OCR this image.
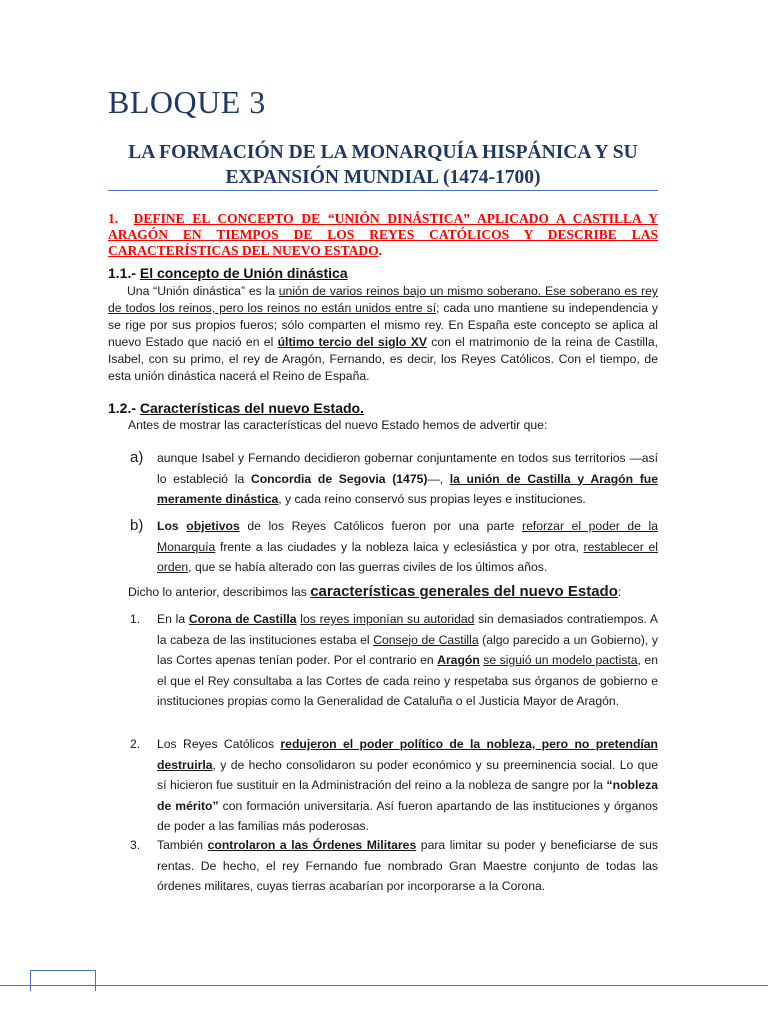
BLOQUE 3
LA FORMACIÓN DE LA MONARQUÍA HISPÁNICA Y SU
EXPANSIÓN MUNDIAL (1474-1700)
1. DEFINE EL CONCEPTO DE “UNIÓN DINÁSTICA” APLICADO A CASTILLA Y ARAGÓN EN TIEMPOS DE LOS REYES CATÓLICOS Y DESCRIBE LAS CARACTERÍSTICAS DEL NUEVO ESTADO.
1.1.- El concepto de Unión dinástica
Una “Unión dinástica” es la unión de varios reinos bajo un mismo soberano. Ese soberano es rey de todos los reinos, pero los reinos no están unidos entre sí; cada uno mantiene su independencia y se rige por sus propios fueros; sólo comparten el mismo rey. En España este concepto se aplica al nuevo Estado que nació en el último tercio del siglo XV con el matrimonio de la reina de Castilla, Isabel, con su primo, el rey de Aragón, Fernando, es decir, los Reyes Católicos. Con el tiempo, de esta unión dinástica nacerá el Reino de España.
1.2.- Características del nuevo Estado.
Antes de mostrar las características del nuevo Estado hemos de advertir que:
a) aunque Isabel y Fernando decidieron gobernar conjuntamente en todos sus territorios —así lo estableció la Concordia de Segovia (1475)—, la unión de Castilla y Aragón fue meramente dinástica, y cada reino conservó sus propias leyes e instituciones.
b) Los objetivos de los Reyes Católicos fueron por una parte reforzar el poder de la Monarquía frente a las ciudades y la nobleza laica y eclesiástica y por otra, restablecer el orden, que se había alterado con las guerras civiles de los últimos años.
Dicho lo anterior, describimos las características generales del nuevo Estado:
1. En la Corona de Castilla los reyes imponían su autoridad sin demasiados contratiempos. A la cabeza de las instituciones estaba el Consejo de Castilla (algo parecido a un Gobierno), y las Cortes apenas tenían poder. Por el contrario en Aragón se siguió un modelo pactista, en el que el Rey consultaba a las Cortes de cada reino y respetaba sus órganos de gobierno e instituciones propias como la Generalidad de Cataluña o el Justicia Mayor de Aragón.
2. Los Reyes Católicos redujeron el poder político de la nobleza, pero no pretendían destruirla, y de hecho consolidaron su poder económico y su preeminencia social. Lo que sí hicieron fue sustituir en la Administración del reino a la nobleza de sangre por la “nobleza de mérito” con formación universitaria. Así fueron apartando de las instituciones y órganos de poder a las familias más poderosas.
3. También controlaron a las Órdenes Militares para limitar su poder y beneficiarse de sus rentas. De hecho, el rey Fernando fue nombrado Gran Maestre conjunto de todas las órdenes militares, cuyas tierras acabarían por incorporarse a la Corona.
